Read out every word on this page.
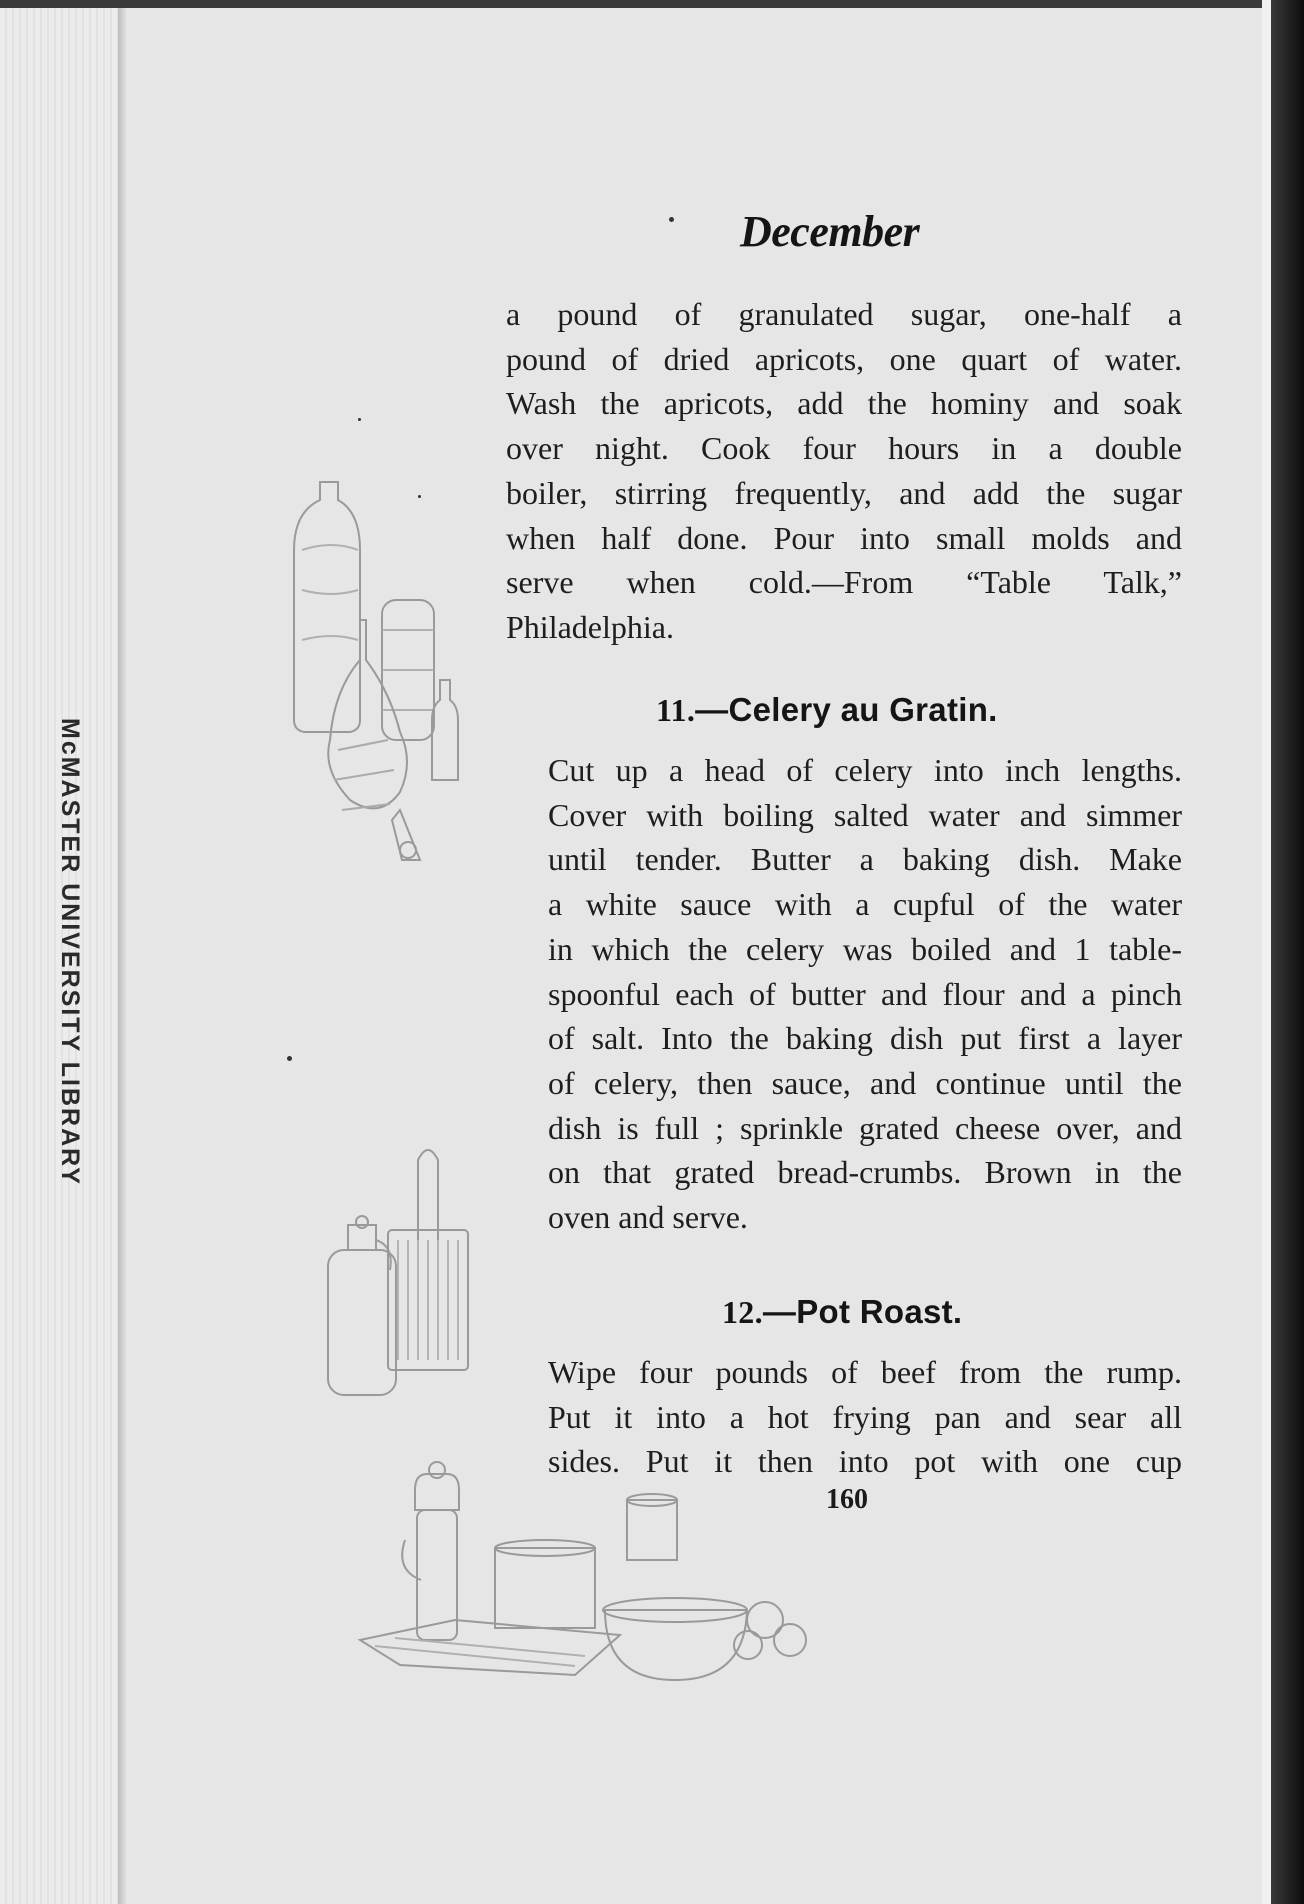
McMASTER UNIVERSITY LIBRARY
December

a pound of granulated sugar, one-half a
pound of dried apricots, one quart of water.
Wash the apricots, add the hominy and soak
over night. Cook four hours in a double
boiler, stirring frequently, and add the sugar
when half done. Pour into small molds and
serve when cold.—From “Table Talk,”
Philadelphia.

11.—Celery au Gratin.

Cut up a head of celery into inch lengths.
Cover with boiling salted water and simmer
until tender. Butter a baking dish. Make
a white sauce with a cupful of the water
in which the celery was boiled and 1 table-
spoonful each of butter and flour and a pinch
of salt. Into the baking dish put first a layer
of celery, then sauce, and continue until the
dish is full ; sprinkle grated cheese over, and
on that grated bread-crumbs. Brown in the
oven and serve.

12.—Pot Roast.

Wipe four pounds of beef from the rump.
Put it into a hot frying pan and sear all
sides. Put it then into pot with one cup

160
